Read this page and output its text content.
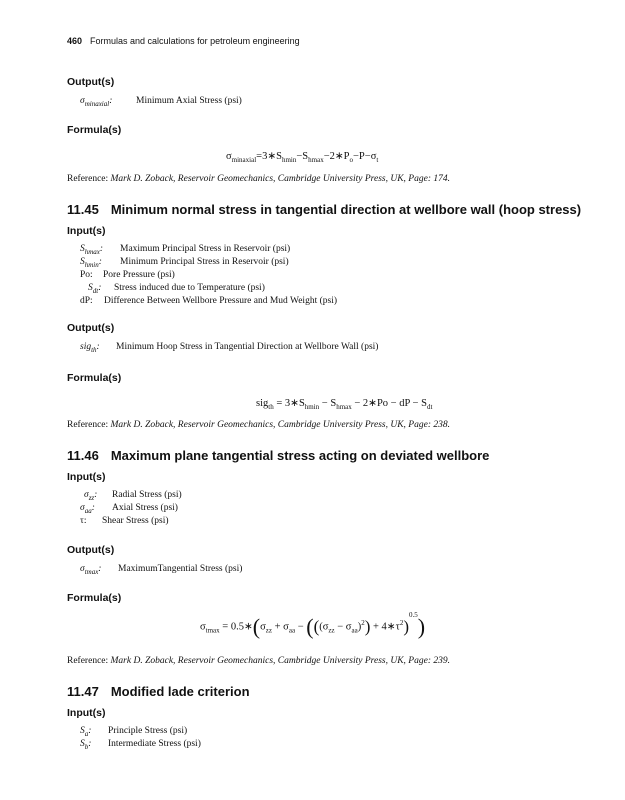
460 Formulas and calculations for petroleum engineering
Output(s)
$\sigma_{minaxial}$: Minimum Axial Stress (psi)
Formula(s)
$\sigma_{minaxial}=3∗S_{hmin}-S_{hmax}-2∗P_o-P-\sigma_t$
Reference: Mark D. Zoback, Reservoir Geomechanics, Cambridge University Press, UK, Page: 174.
11.45 Minimum normal stress in tangential direction at wellbore wall (hoop stress)
Input(s)
$S_{hmax}$: Maximum Principal Stress in Reservoir (psi)
$S_{hmin}$: Minimum Principal Stress in Reservoir (psi)
Po: Pore Pressure (psi)
$S_{dt}$: Stress induced due to Temperature (psi)
dP: Difference Between Wellbore Pressure and Mud Weight (psi)
Output(s)
sig$_{th}$: Minimum Hoop Stress in Tangential Direction at Wellbore Wall (psi)
Formula(s)
$sig_{th} = 3∗S_{hmin} - S_{hmax}$ − 2∗Po − dP − $S_{dt}$
Reference: Mark D. Zoback, Reservoir Geomechanics, Cambridge University Press, UK, Page: 238.
11.46 Maximum plane tangential stress acting on deviated wellbore
Input(s)
$\sigma_{zz}$: Radial Stress (psi)
$\sigma_{aa}$: Axial Stress (psi)
τ: Shear Stress (psi)
Output(s)
$\sigma_{tmax}$: MaximumTangential Stress (psi)
Formula(s)
$\sigma_{tmax}$ = $0.5∗(\sigma_{zz} + \sigma_{aa} - (((\sigma_{zz} - \sigma_{aa})^2)$ + $4∗\tau^2)^{0.5}$)
Reference: Mark D. Zoback, Reservoir Geomechanics, Cambridge University Press, UK, Page: 239.
11.47 Modified lade criterion
Input(s)
$S_a$: Principle Stress (psi)
$S_b$: Intermediate Stress (psi)
